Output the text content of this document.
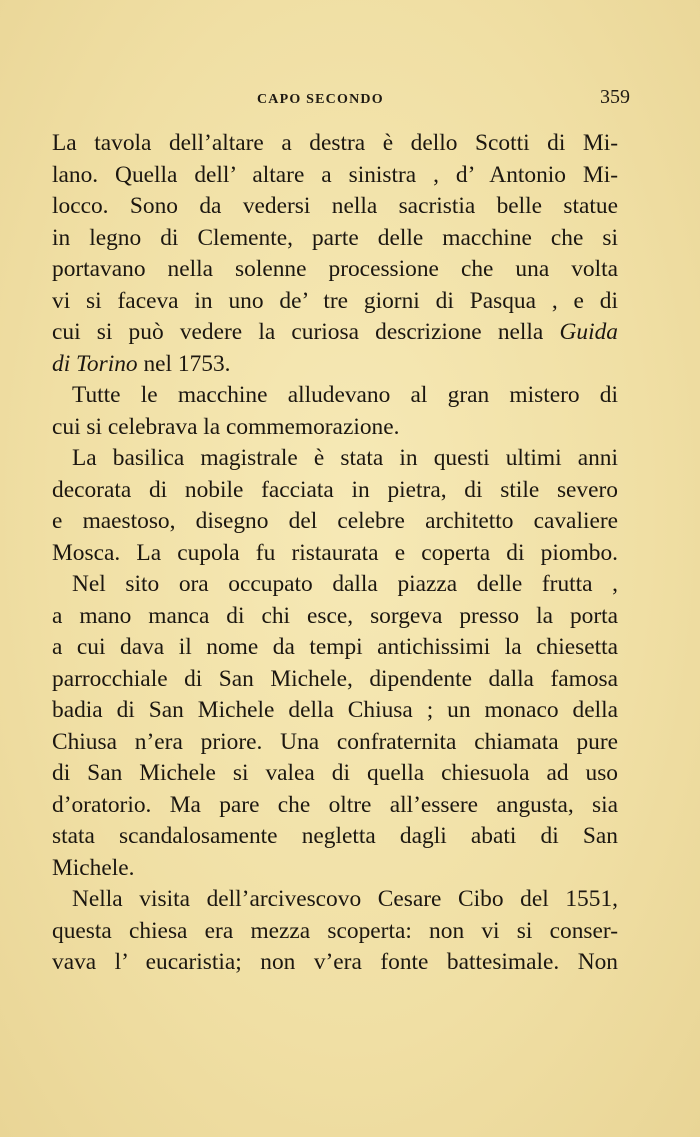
CAPO SECONDO	359

La tavola dell’altare a destra è dello Scotti di Mi-
lano. Quella dell’ altare a sinistra , d’ Antonio Mi-
locco. Sono da vedersi nella sacristia belle statue
in legno di Clemente, parte delle macchine che si
portavano nella solenne processione che una volta
vi si faceva in uno de’ tre giorni di Pasqua , e di
cui si può vedere la curiosa descrizione nella Guida
di Torino nel 1753.

Tutte le macchine alludevano al gran mistero di
cui si celebrava la commemorazione.

La basilica magistrale è stata in questi ultimi anni
decorata di nobile facciata in pietra, di stile severo
e maestoso, disegno del celebre architetto cavaliere
Mosca. La cupola fu ristaurata e coperta di piombo.

Nel sito ora occupato dalla piazza delle frutta ,
a mano manca di chi esce, sorgeva presso la porta
a cui dava il nome da tempi antichissimi la chiesetta
parrocchiale di San Michele, dipendente dalla famosa
badia di San Michele della Chiusa ; un monaco della
Chiusa n’era priore. Una confraternita chiamata pure
di San Michele si valea di quella chiesuola ad uso
d’oratorio. Ma pare che oltre all’essere angusta, sia
stata scandalosamente negletta dagli abati di San
Michele.

Nella visita dell’arcivescovo Cesare Cibo del 1551,
questa chiesa era mezza scoperta: non vi si conser-
vava l’ eucaristia; non v’era fonte battesimale. Non
